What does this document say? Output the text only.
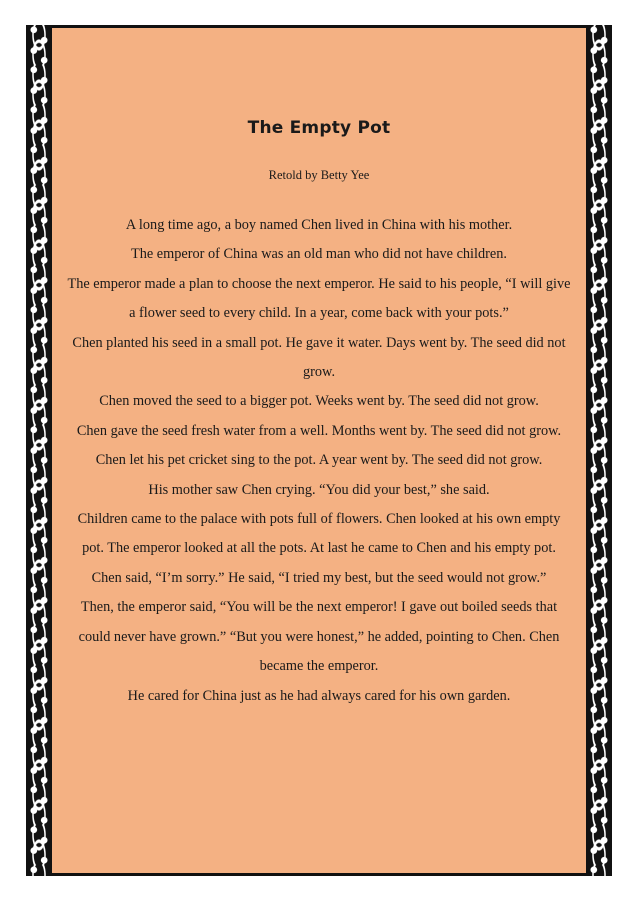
The Empty Pot
Retold by Betty Yee

A long time ago, a boy named Chen lived in China with his mother.

The emperor of China was an old man who did not have children.

The emperor made a plan to choose the next emperor. He said to his people, “I will give a flower seed to every child. In a year, come back with your pots.”

Chen planted his seed in a small pot. He gave it water. Days went by. The seed did not grow.

Chen moved the seed to a bigger pot. Weeks went by. The seed did not grow.

Chen gave the seed fresh water from a well. Months went by. The seed did not grow. Chen let his pet cricket sing to the pot. A year went by. The seed did not grow.

His mother saw Chen crying. “You did your best,” she said.

Children came to the palace with pots full of flowers. Chen looked at his own empty pot. The emperor looked at all the pots. At last he came to Chen and his empty pot.

Chen said, “I’m sorry.” He said, “I tried my best, but the seed would not grow.”

Then, the emperor said, “You will be the next emperor! I gave out boiled seeds that could never have grown.” “But you were honest,” he added, pointing to Chen. Chen became the emperor.

He cared for China just as he had always cared for his own garden.
